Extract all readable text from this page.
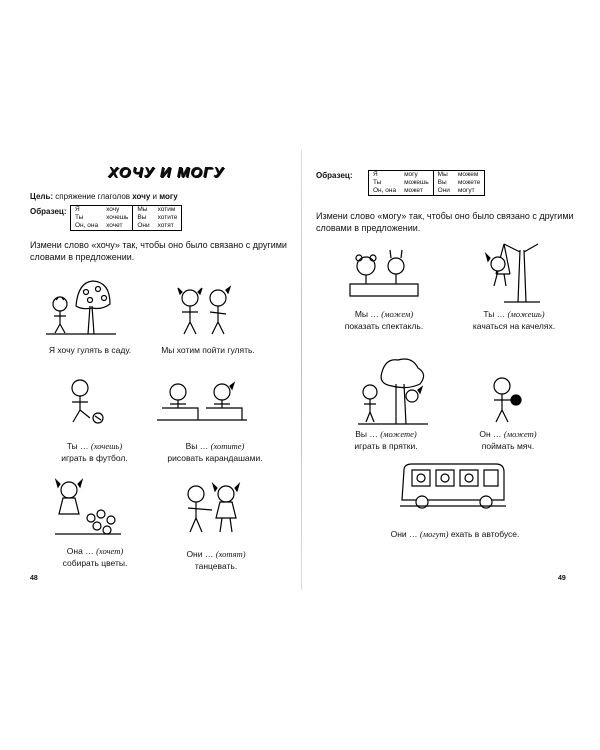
ХОЧУ И МОГУ
Цель: спряжение глаголов хочу и могу
Образец: Я	хочу	Мы	хотим
Ты	хочешь	Вы	хотите
Он, она	хочет	Они	хотят
Измени слово «хочу» так, чтобы оно было связано с другими
словами в предложении.
Я хочу гулять в саду.	Мы хотим пойти гулять.
Ты … (хочешь)
играть в футбол.
Вы … (хотите)
рисовать карандашами.
Она … (хочет)
собирать цветы.
Они … (хотят)
танцевать.
48
Образец:	Я	могу	Мы	можем
Ты	можешь	Вы	можете
Он, она	может	Они	могут
Измени слово «могу» так, чтобы оно было связано с другими
словами в предложении.
Мы … (можем)
показать спектакль.
Ты … (можешь)
качаться на качелях.
Вы … (можете)
играть в прятки.
Он … (может)
поймать мяч.
Они … (могут) ехать в автобусе.
49
